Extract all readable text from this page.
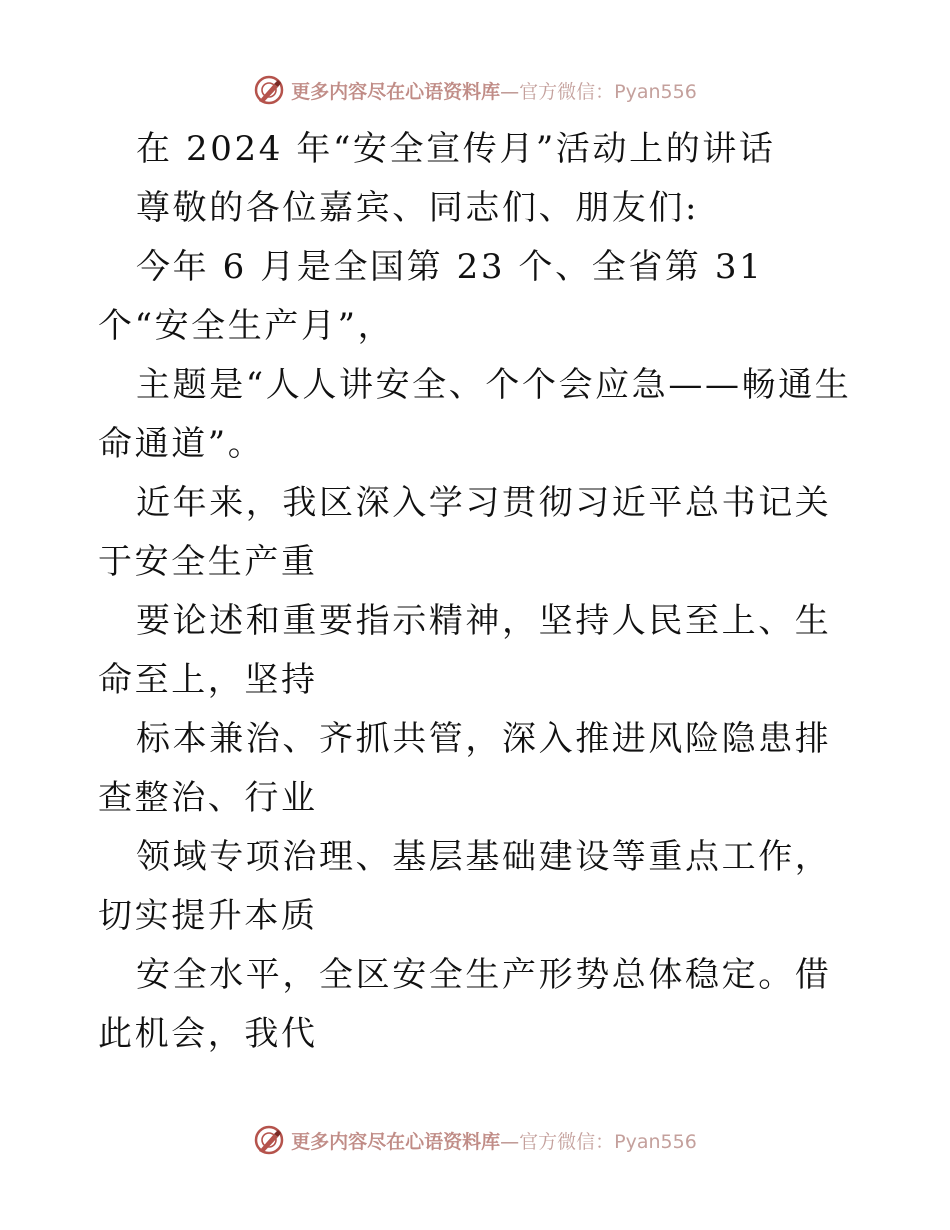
更多内容尽在心语资料库—官方微信：Pyan556

在 2024 年“安全宣传月”活动上的讲话

尊敬的各位嘉宾、同志们、朋友们:

今年 6 月是全国第 23 个、全省第 31 个“安全生产月”，

主题是“人人讲安全、个个会应急——畅通生命通道”。

近年来，我区深入学习贯彻习近平总书记关于安全生产重

要论述和重要指示精神，坚持人民至上、生命至上，坚持

标本兼治、齐抓共管，深入推进风险隐患排查整治、行业

领域专项治理、基层基础建设等重点工作，切实提升本质

安全水平，全区安全生产形势总体稳定。借此机会，我代

更多内容尽在心语资料库—官方微信：Pyan556
